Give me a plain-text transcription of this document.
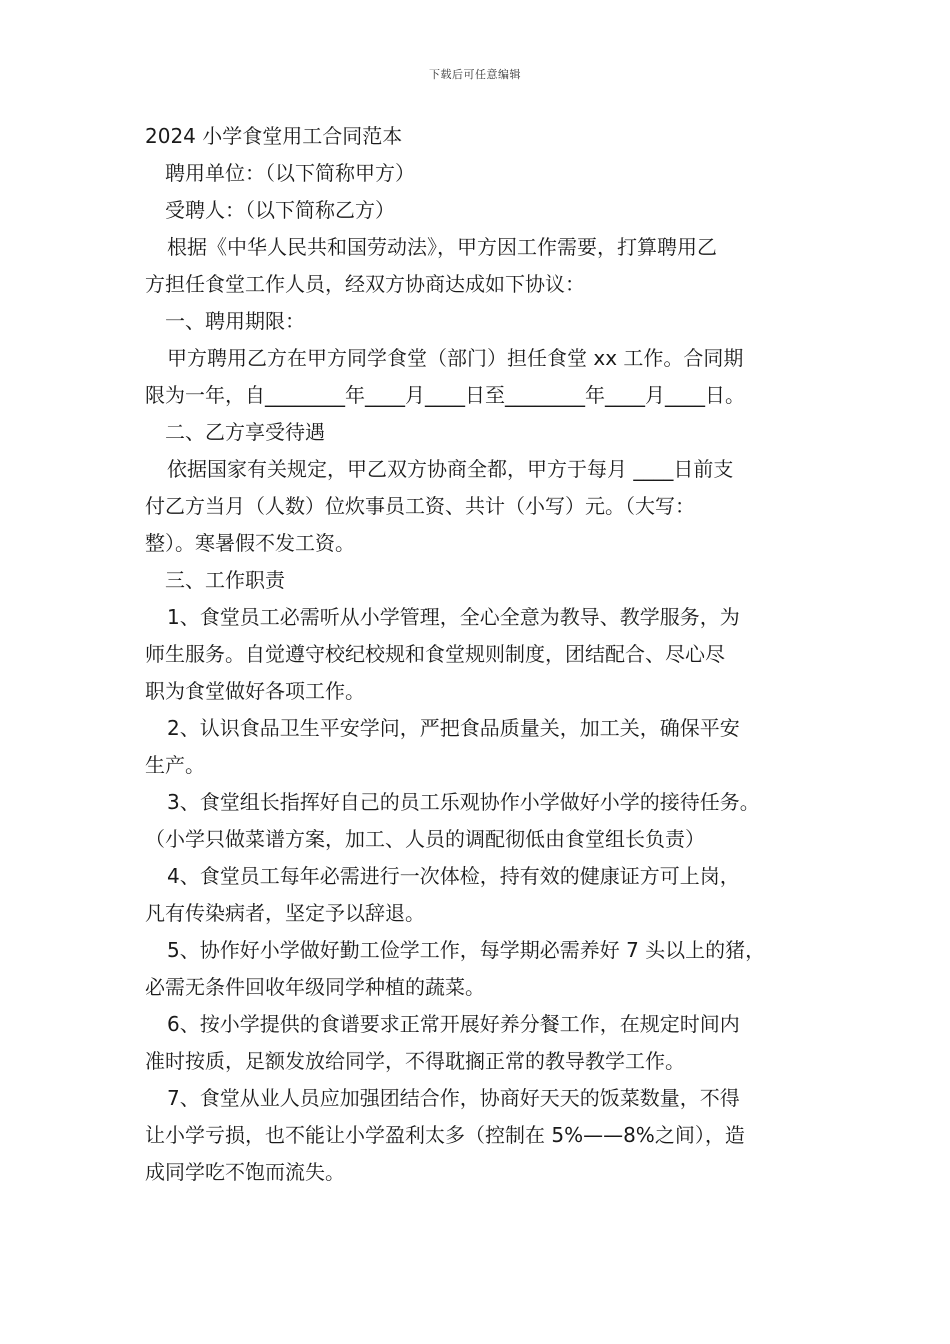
下载后可任意编辑

2024 小学食堂用工合同范本

聘用单位：（以下简称甲方）

受聘人：（以下简称乙方）

根据《中华人民共和国劳动法》，甲方因工作需要，打算聘用乙

方担任食堂工作人员，经双方协商达成如下协议：

一、聘用期限：

甲方聘用乙方在甲方同学食堂（部门）担任食堂 xx 工作。合同期

限为一年，自________年____月____日至________年____月____日。

二、乙方享受待遇

依据国家有关规定，甲乙双方协商全都，甲方于每月 ____日前支

付乙方当月（人数）位炊事员工资、共计（小写）元。（大写：

整）。寒暑假不发工资。

三、工作职责

1、食堂员工必需听从小学管理，全心全意为教导、教学服务，为

师生服务。自觉遵守校纪校规和食堂规则制度，团结配合、尽心尽

职为食堂做好各项工作。

2、认识食品卫生平安学问，严把食品质量关，加工关，确保平安

生产。

3、食堂组长指挥好自己的员工乐观协作小学做好小学的接待任务。

（小学只做菜谱方案，加工、人员的调配彻低由食堂组长负责）

4、食堂员工每年必需进行一次体检，持有效的健康证方可上岗，

凡有传染病者，坚定予以辞退。

5、协作好小学做好勤工俭学工作，每学期必需养好 7 头以上的猪，

必需无条件回收年级同学种植的蔬菜。

6、按小学提供的食谱要求正常开展好养分餐工作，在规定时间内

准时按质，足额发放给同学，不得耽搁正常的教导教学工作。

7、食堂从业人员应加强团结合作，协商好天天的饭菜数量，不得

让小学亏损，也不能让小学盈利太多（控制在 5%——8%之间），造

成同学吃不饱而流失。
